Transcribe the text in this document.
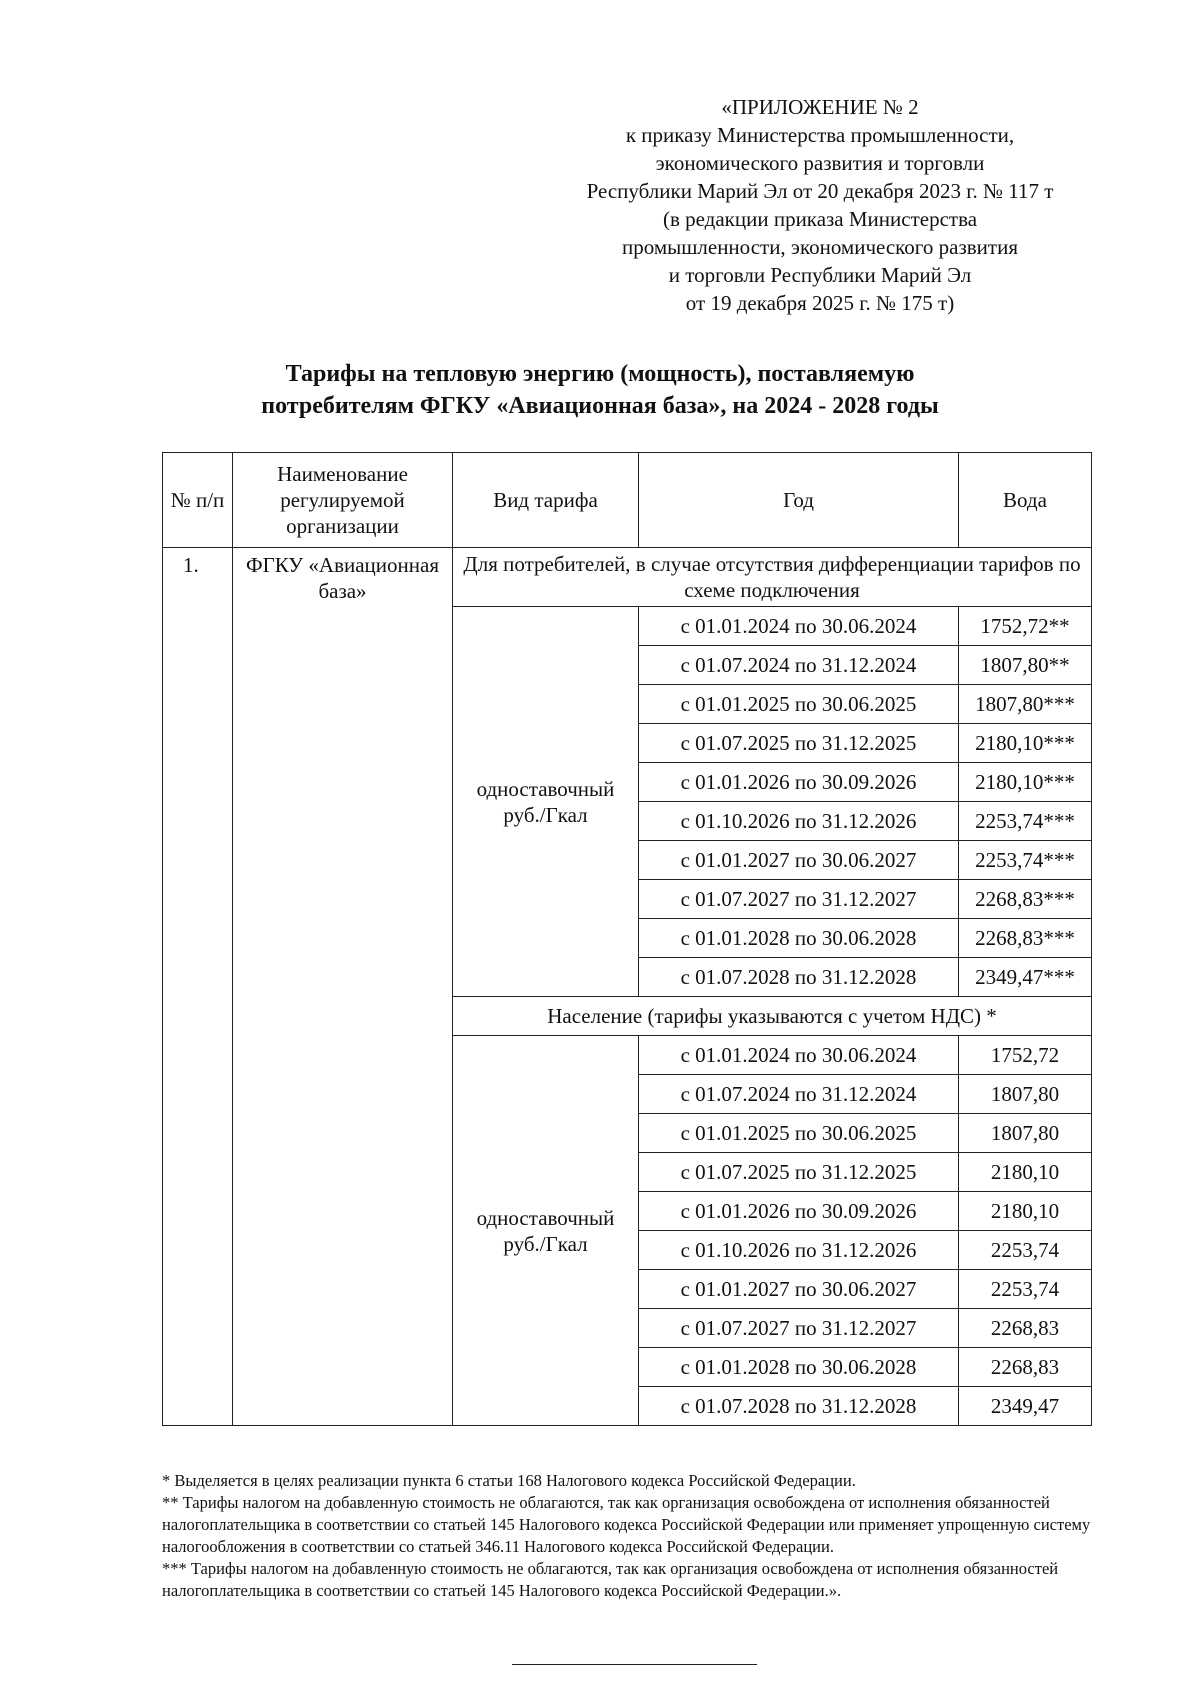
«ПРИЛОЖЕНИЕ № 2
к приказу Министерства промышленности,
экономического развития и торговли
Республики Марий Эл от 20 декабря 2023 г. № 117 т
(в редакции приказа Министерства
промышленности, экономического развития
и торговли Республики Марий Эл
от 19 декабря 2025 г. № 175 т)
Тарифы на тепловую энергию (мощность), поставляемую
потребителям ФГКУ «Авиационная база», на 2024 - 2028 годы
№ п/п	Наименование регулируемой организации	Вид тарифа	Год	Вода
1.	ФГКУ «Авиационная база»	Для потребителей, в случае отсутствия дифференциации тарифов по схеме подключения		
		одноставочный руб./Гкал	с 01.01.2024 по 30.06.2024	1752,72**
			с 01.07.2024 по 31.12.2024	1807,80**
			с 01.01.2025 по 30.06.2025	1807,80***
			с 01.07.2025 по 31.12.2025	2180,10***
			с 01.01.2026 по 30.09.2026	2180,10***
			с 01.10.2026 по 31.12.2026	2253,74***
			с 01.01.2027 по 30.06.2027	2253,74***
			с 01.07.2027 по 31.12.2027	2268,83***
			с 01.01.2028 по 30.06.2028	2268,83***
			с 01.07.2028 по 31.12.2028	2349,47***
		Население (тарифы указываются с учетом НДС) *		
		одноставочный руб./Гкал	с 01.01.2024 по 30.06.2024	1752,72
			с 01.07.2024 по 31.12.2024	1807,80
			с 01.01.2025 по 30.06.2025	1807,80
			с 01.07.2025 по 31.12.2025	2180,10
			с 01.01.2026 по 30.09.2026	2180,10
			с 01.10.2026 по 31.12.2026	2253,74
			с 01.01.2027 по 30.06.2027	2253,74
			с 01.07.2027 по 31.12.2027	2268,83
			с 01.01.2028 по 30.06.2028	2268,83
			с 01.07.2028 по 31.12.2028	2349,47

* Выделяется в целях реализации пункта 6 статьи 168 Налогового кодекса Российской Федерации.

** Тарифы налогом на добавленную стоимость не облагаются, так как организация освобождена от исполнения обязанностей налогоплательщика в соответствии со статьей 145 Налогового кодекса Российской Федерации или применяет упрощенную систему налогообложения в соответствии со статьей 346.11 Налогового кодекса Российской Федерации.

*** Тарифы налогом на добавленную стоимость не облагаются, так как организация освобождена от исполнения обязанностей налогоплательщика в соответствии со статьей 145 Налогового кодекса Российской Федерации.».
